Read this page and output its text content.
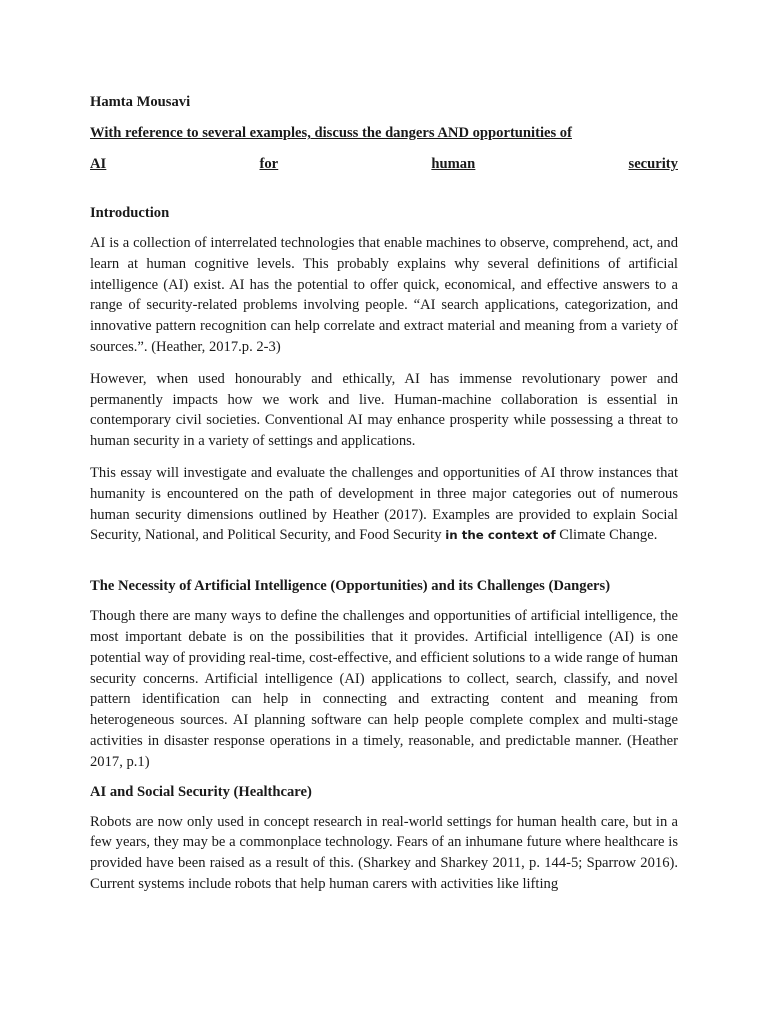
Hamta Mousavi
With reference to several examples, discuss the dangers AND opportunities of
AI	for	human	security
Introduction

AI is a collection of interrelated technologies that enable machines to observe, comprehend, act, and learn at human cognitive levels. This probably explains why several definitions of artificial intelligence (AI) exist. AI has the potential to offer quick, economical, and effective answers to a range of security-related problems involving people. “AI search applications, categorization, and innovative pattern recognition can help correlate and extract material and meaning from a variety of sources.”. (Heather, 2017.p. 2-3)

However, when used honourably and ethically, AI has immense revolutionary power and permanently impacts how we work and live. Human-machine collaboration is essential in contemporary civil societies. Conventional AI may enhance prosperity while possessing a threat to human security in a variety of settings and applications.

This essay will investigate and evaluate the challenges and opportunities of AI throw instances that humanity is encountered on the path of development in three major categories out of numerous human security dimensions outlined by Heather (2017). Examples are provided to explain Social Security, National, and Political Security, and Food Security in the context of Climate Change.

The Necessity of Artificial Intelligence (Opportunities) and its Challenges (Dangers)

Though there are many ways to define the challenges and opportunities of artificial intelligence, the most important debate is on the possibilities that it provides. Artificial intelligence (AI) is one potential way of providing real-time, cost-effective, and efficient solutions to a wide range of human security concerns. Artificial intelligence (AI) applications to collect, search, classify, and novel pattern identification can help in connecting and extracting content and meaning from heterogeneous sources. AI planning software can help people complete complex and multi-stage activities in disaster response operations in a timely, reasonable, and predictable manner. (Heather 2017, p.1)

AI and Social Security (Healthcare)

Robots are now only used in concept research in real-world settings for human health care, but in a few years, they may be a commonplace technology. Fears of an inhumane future where healthcare is provided have been raised as a result of this. (Sharkey and Sharkey 2011, p. 144-5; Sparrow 2016). Current systems include robots that help human carers with activities like lifting
